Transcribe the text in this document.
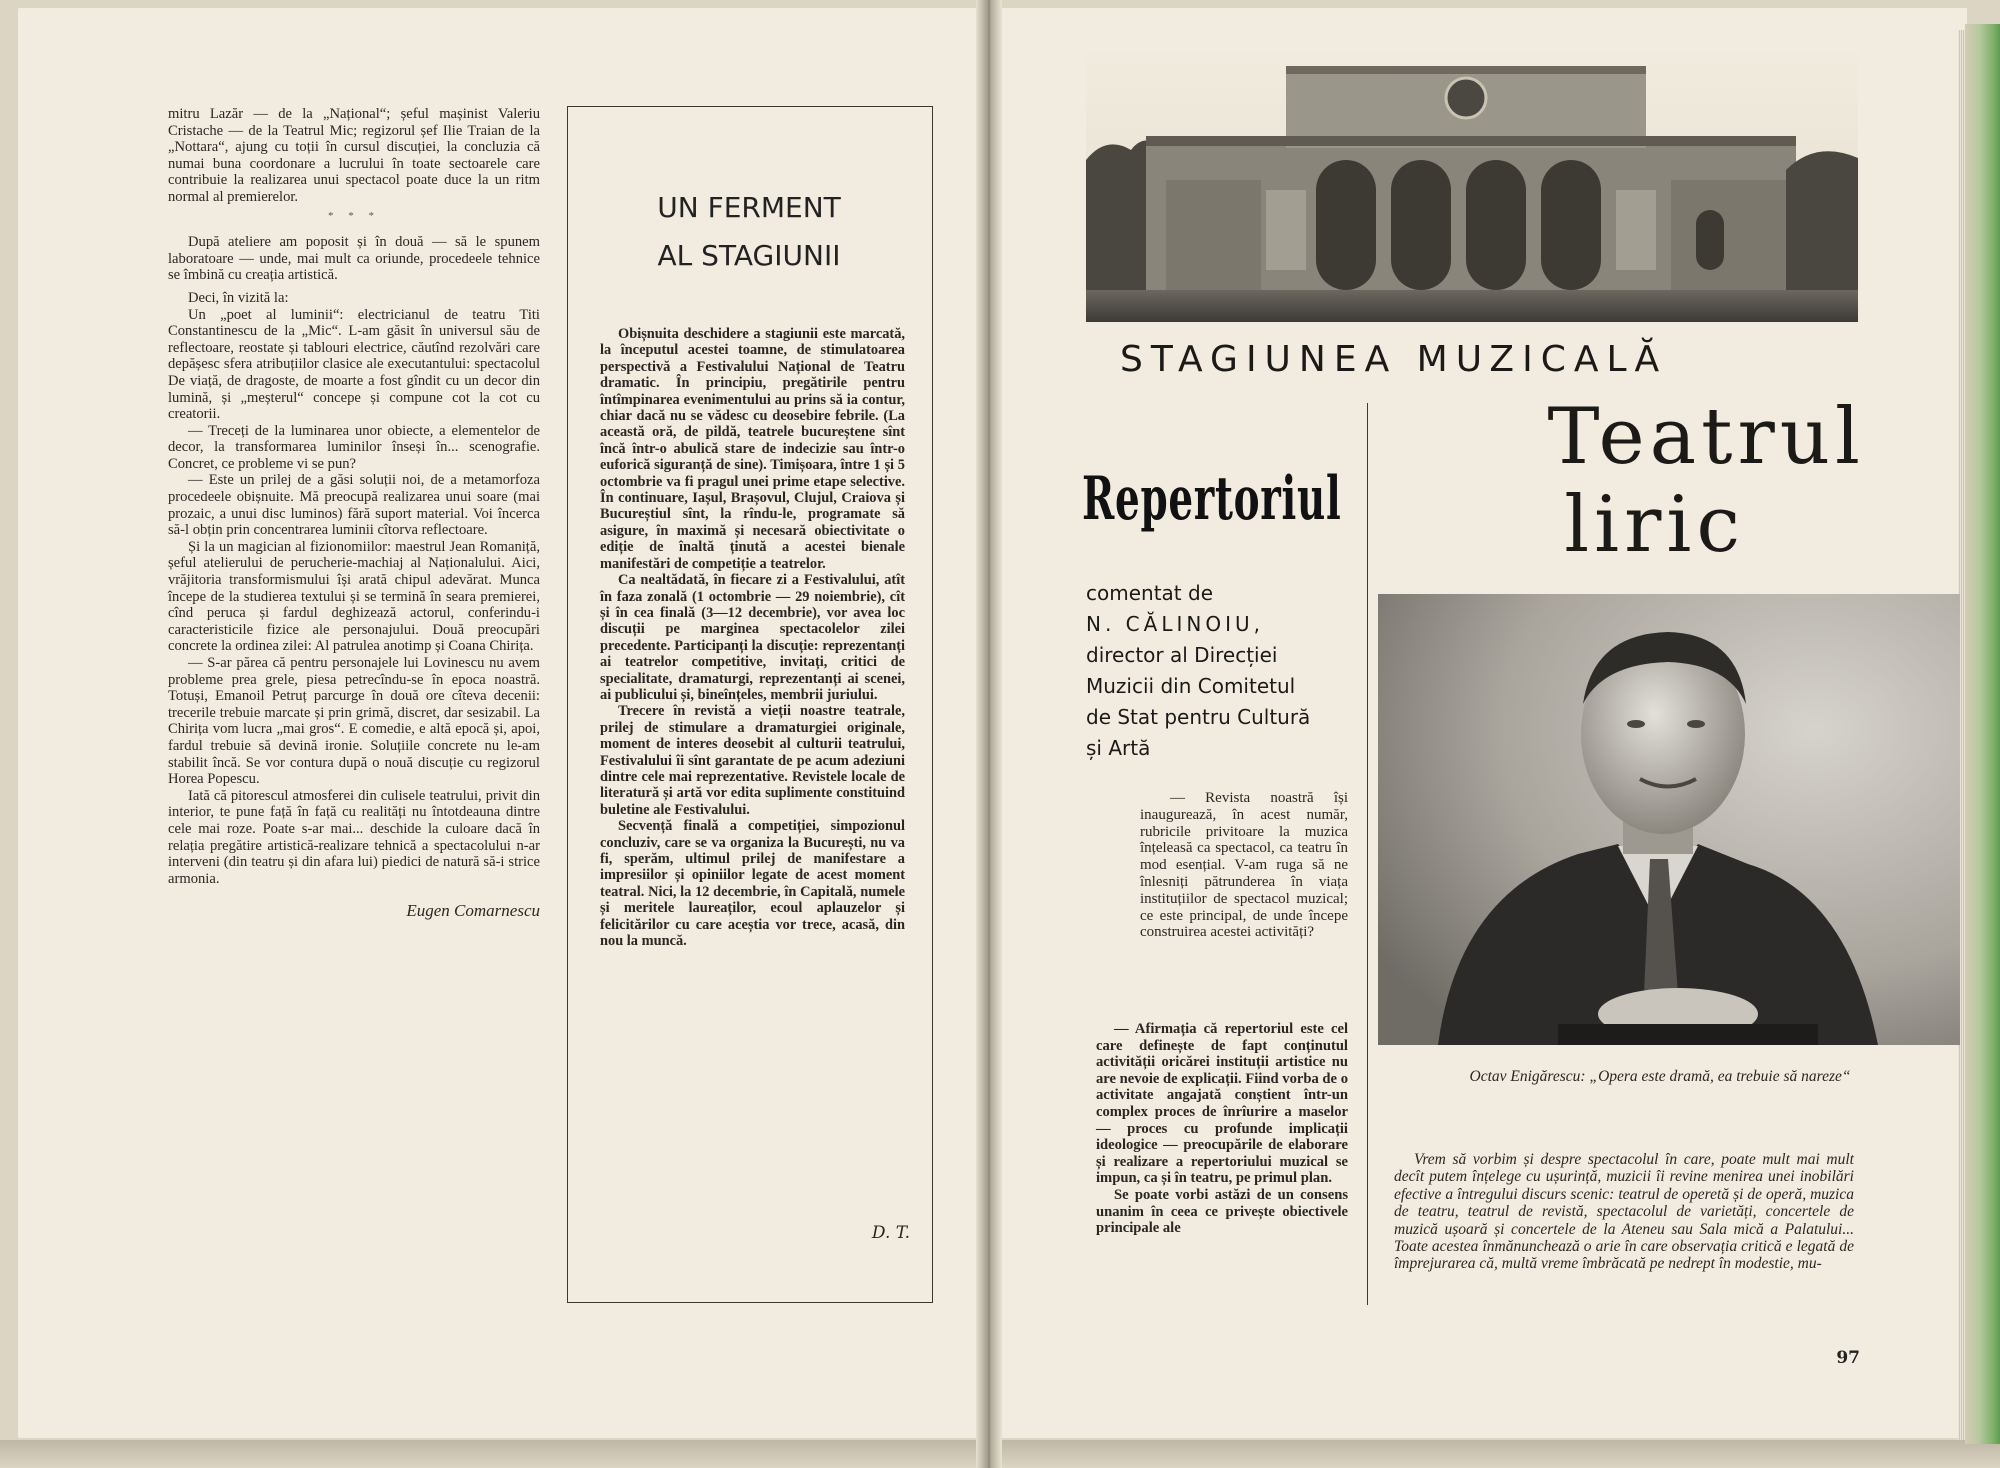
mitru Lazăr — de la „Național“; șeful mașinist Valeriu Cristache — de la Teatrul Mic; regizorul șef Ilie Traian de la „Nottara“, ajung cu toții în cursul discuției, la concluzia că numai buna coordonare a lucrului în toate sectoarele care contribuie la realizarea unui spectacol poate duce la un ritm normal al premierelor.

* * *

După ateliere am poposit și în două — să le spunem laboratoare — unde, mai mult ca oriunde, procedeele tehnice se îmbină cu creația artistică.

Deci, în vizită la:

Un „poet al luminii“: electricianul de teatru Titi Constantinescu de la „Mic“. L-am găsit în universul său de reflectoare, reostate și tablouri electrice, căutînd rezolvări care depășesc sfera atribuțiilor clasice ale executantului: spectacolul De viață, de dragoste, de moarte a fost gîndit cu un decor din lumină, și „meșterul“ concepe și compune cot la cot cu creatorii.

— Treceți de la luminarea unor obiecte, a elementelor de decor, la transformarea luminilor înseși în... scenografie. Concret, ce probleme vi se pun?

— Este un prilej de a găsi soluții noi, de a metamorfoza procedeele obișnuite. Mă preocupă realizarea unui soare (mai prozaic, a unui disc luminos) fără suport material. Voi încerca să-l obțin prin concentrarea luminii cîtorva reflectoare.

Și la un magician al fizionomiilor: maestrul Jean Romaniță, șeful atelierului de perucherie-machiaj al Naționalului. Aici, vrăjitoria transformismului își arată chipul adevărat. Munca începe de la studierea textului și se termină în seara premierei, cînd peruca și fardul deghizează actorul, conferindu-i caracteristicile fizice ale personajului. Două preocupări concrete la ordinea zilei: Al patrulea anotimp și Coana Chirița.

— S-ar părea că pentru personajele lui Lovinescu nu avem probleme prea grele, piesa petrecîndu-se în epoca noastră. Totuși, Emanoil Petruț parcurge în două ore cîteva decenii: trecerile trebuie marcate și prin grimă, discret, dar sesizabil. La Chirița vom lucra „mai gros“. E comedie, e altă epocă și, apoi, fardul trebuie să devină ironie. Soluțiile concrete nu le-am stabilit încă. Se vor contura după o nouă discuție cu regizorul Horea Popescu.

Iată că pitorescul atmosferei din culisele teatrului, privit din interior, te pune față în față cu realități nu întotdeauna dintre cele mai roze. Poate s-ar mai... deschide la culoare dacă în relația pregătire artistică-realizare tehnică a spectacolului n-ar interveni (din teatru și din afara lui) piedici de natură să-i strice armonia.

Eugen Comarnescu
UN FERMENT
AL STAGIUNII

Obișnuita deschidere a stagiunii este marcată, la începutul acestei toamne, de stimulatoarea perspectivă a Festivalului Național de Teatru dramatic. În principiu, pregătirile pentru întîmpinarea evenimentului au prins să ia contur, chiar dacă nu se vădesc cu deosebire febrile. (La această oră, de pildă, teatrele bucureștene sînt încă într-o abulică stare de indecizie sau într-o euforică siguranță de sine). Timișoara, între 1 și 5 octombrie va fi pragul unei prime etape selective. În continuare, Iașul, Brașovul, Clujul, Craiova și Bucureștiul sînt, la rîndu-le, programate să asigure, în maximă și necesară obiectivitate o ediție de înaltă ținută a acestei bienale manifestări de competiție a teatrelor.

Ca nealtădată, în fiecare zi a Festivalului, atît în faza zonală (1 octombrie — 29 noiembrie), cît și în cea finală (3—12 decembrie), vor avea loc discuții pe marginea spectacolelor zilei precedente. Participanți la discuție: reprezentanți ai teatrelor competitive, invitați, critici de specialitate, dramaturgi, reprezentanți ai scenei, ai publicului și, bineînțeles, membrii juriului.

Trecere în revistă a vieții noastre teatrale, prilej de stimulare a dramaturgiei originale, moment de interes deosebit al culturii teatrului, Festivalului îi sînt garantate de pe acum adeziuni dintre cele mai reprezentative. Revistele locale de literatură și artă vor edita suplimente constituind buletine ale Festivalului.

Secvență finală a competiției, simpozionul concluziv, care se va organiza la București, nu va fi, sperăm, ultimul prilej de manifestare a impresiilor și opiniilor legate de acest moment teatral. Nici, la 12 decembrie, în Capitală, numele și meritele laureaților, ecoul aplauzelor și felicitărilor cu care aceștia vor trece, acasă, din nou la muncă.

D. T.
STAGIUNEA MUZICALĂ
Teatrul
liric
Repertoriul
comentat de
N. CĂLINOIU,
director al Direcției
Muzicii din Comitetul
de Stat pentru Cultură
și Artă

— Revista noastră își inaugurează, în acest număr, rubricile privitoare la muzica înțeleasă ca spectacol, ca teatru în mod esențial. V-am ruga să ne înlesniți pătrunderea în viața instituțiilor de spectacol muzical; ce este principal, de unde începe construirea acestei activități?

— Afirmația că repertoriul este cel care definește de fapt conținutul activității oricărei instituții artistice nu are nevoie de explicații. Fiind vorba de o activitate angajată conștient într-un complex proces de înrîurire a maselor — proces cu profunde implicații ideologice — preocupările de elaborare și realizare a repertoriului muzical se impun, ca și în teatru, pe primul plan.

Se poate vorbi astăzi de un consens unanim în ceea ce privește obiectivele principale ale

Octav Enigărescu: „Opera este dramă, ea trebuie să nareze“

Vrem să vorbim și despre spectacolul în care, poate mult mai mult decît putem înțelege cu ușurință, muzicii îi revine menirea unei inobilări efective a întregului discurs scenic: teatrul de operetă și de operă, muzica de teatru, teatrul de revistă, spectacolul de varietăți, concertele de muzică ușoară și concertele de la Ateneu sau Sala mică a Palatului... Toate acestea înmănunchează o arie în care observația critică e legată de împrejurarea că, multă vreme îmbrăcată pe nedrept în modestie, mu-

97
